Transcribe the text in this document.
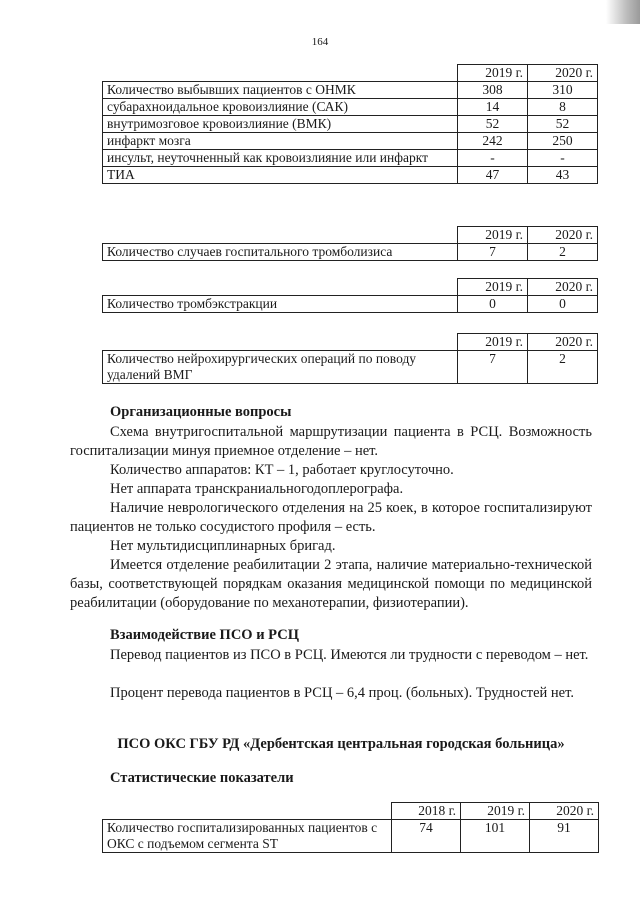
164
	2019 г.	2020 г.
Количество выбывших пациентов с ОНМК	308	310
субарахноидальное кровоизлияние (САК)	14	8
внутримозговое кровоизлияние (ВМК)	52	52
инфаркт мозга	242	250
инсульт, неуточненный как кровоизлияние или инфаркт	-	-
ТИА	47	43
	2019 г.	2020 г.
Количество случаев госпитального тромболизиса	7	2
	2019 г.	2020 г.
Количество тромбэкстракции	0	0
	2019 г.	2020 г.
Количество нейрохирургических операций по поводу удалений ВМГ	7	2

Организационные вопросы

Схема внутригоспитальной маршрутизации пациента в РСЦ. Возможность госпитализации минуя приемное отделение – нет.

Количество аппаратов: КТ – 1, работает круглосуточно.

Нет аппарата транскраниальногодоплерографа.

Наличие неврологического отделения на 25 коек, в которое госпитализируют пациентов не только сосудистого профиля – есть.

Нет мультидисциплинарных бригад.

Имеется отделение реабилитации 2 этапа, наличие материально-технической базы, соответствующей порядкам оказания медицинской помощи по медицинской реабилитации (оборудование по механотерапии, физиотерапии).

Взаимодействие ПСО и РСЦ

Перевод пациентов из ПСО в РСЦ. Имеются ли трудности с переводом – нет.

Процент перевода пациентов в РСЦ – 6,4 проц. (больных). Трудностей нет.

ПСО ОКС ГБУ РД «Дербентская центральная городская больница»

Статистические показатели

	2018 г.	2019 г.	2020 г.
Количество госпитализированных пациентов с ОКС с подъемом сегмента ST	74	101	91
